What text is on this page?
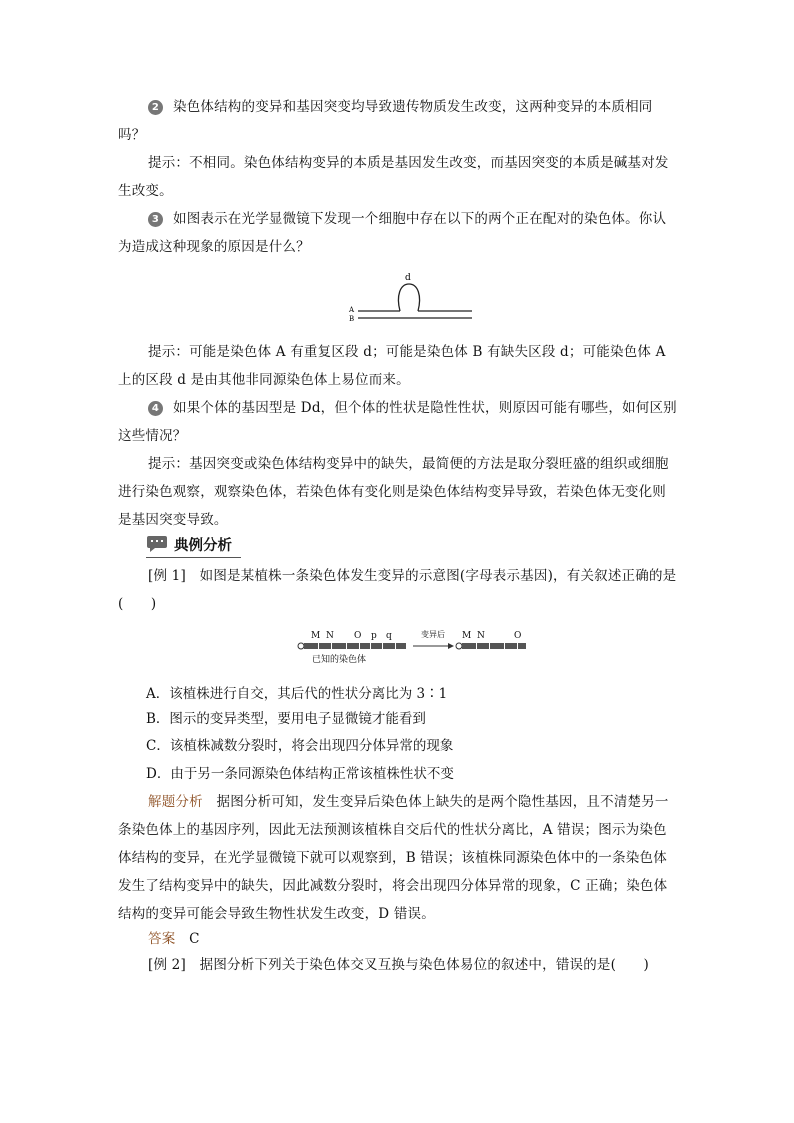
2 染色体结构的变异和基因突变均导致遗传物质发生改变，这两种变异的本质相同吗？
提示：不相同。染色体结构变异的本质是基因发生改变，而基因突变的本质是碱基对发生改变。
3 如图表示在光学显微镜下发现一个细胞中存在以下的两个正在配对的染色体。你认为造成这种现象的原因是什么？
d
A
B
提示：可能是染色体 A 有重复区段 d；可能是染色体 B 有缺失区段 d；可能染色体 A 上的区段 d 是由其他非同源染色体上易位而来。
4 如果个体的基因型是 Dd，但个体的性状是隐性性状，则原因可能有哪些，如何区别这些情况？
提示：基因突变或染色体结构变异中的缺失，最简便的方法是取分裂旺盛的组织或细胞进行染色观察，观察染色体，若染色体有变化则是染色体结构变异导致，若染色体无变化则是基因突变导致。
典例分析
[例 1]　如图是某植株一条染色体发生变异的示意图(字母表示基因)，有关叙述正确的是(　　)
M N O p q	M N	O
变异后
已知的染色体
A．该植株进行自交，其后代的性状分离比为 3∶1
B．图示的变异类型，要用电子显微镜才能看到
C．该植株减数分裂时，将会出现四分体异常的现象
D．由于另一条同源染色体结构正常该植株性状不变
解题分析　 据图分析可知，发生变异后染色体上缺失的是两个隐性基因，且不清楚另一条染色体上的基因序列，因此无法预测该植株自交后代的性状分离比，A 错误；图示为染色体结构的变异，在光学显微镜下就可以观察到，B 错误；该植株同源染色体中的一条染色体发生了结构变异中的缺失，因此减数分裂时，将会出现四分体异常的现象，C 正确；染色体结构的变异可能会导致生物性状发生改变，D 错误。
答案　 C
[例 2]　据图分析下列关于染色体交叉互换与染色体易位的叙述中，错误的是(　　)
